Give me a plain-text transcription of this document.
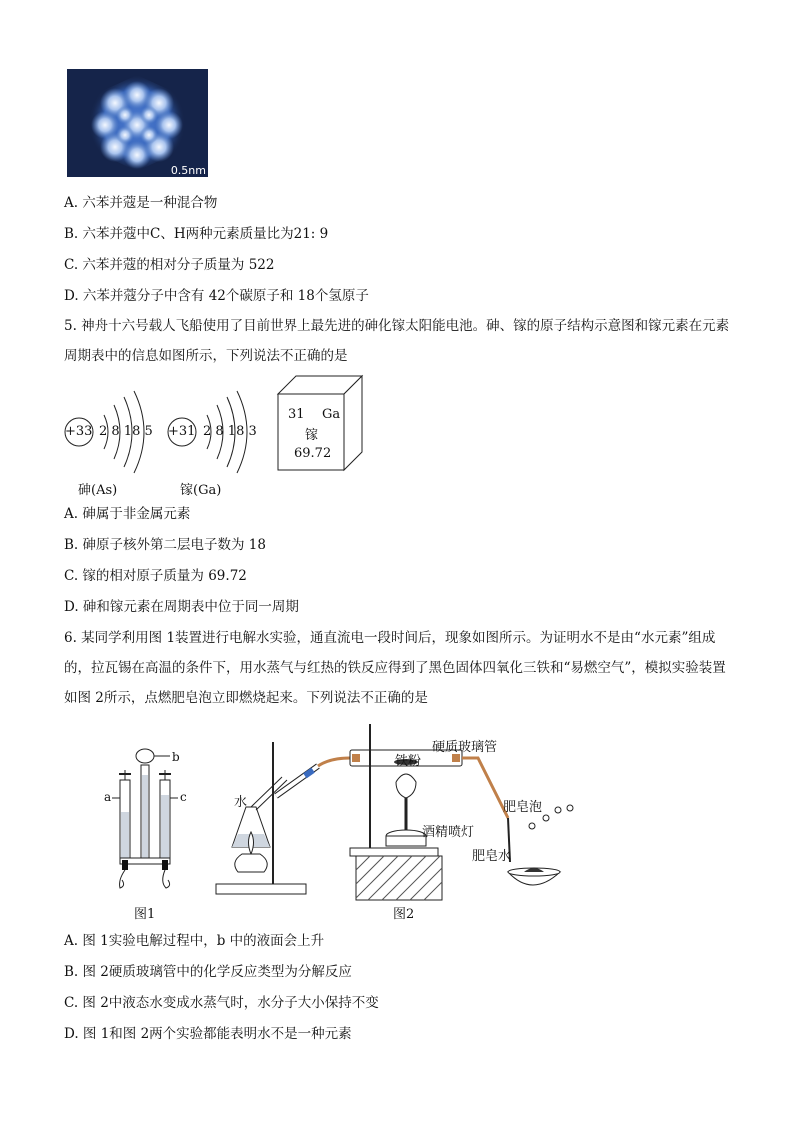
0.5nm
A. 六苯并蔻是一种混合物
B. 六苯并蔻中C、H两种元素质量比为21: 9
C. 六苯并蔻的相对分子质量为 522
D. 六苯并蔻分子中含有 42个碳原子和 18个氢原子
5. 神舟十六号载人飞船使用了目前世界上最先进的砷化镓太阳能电池。砷、镓的原子结构示意图和镓元素在元素周期表中的信息如图所示，下列说法不正确的是
+33 2 8 18 5
砷(As)
+31 2 8 18 3
镓(Ga)
31 Ga
镓
69.72
A. 砷属于非金属元素
B. 砷原子核外第二层电子数为 18
C. 镓的相对原子质量为 69.72
D. 砷和镓元素在周期表中位于同一周期
6. 某同学利用图 1装置进行电解水实验，通直流电一段时间后，现象如图所示。为证明水不是由“水元素”组成的，拉瓦锡在高温的条件下，用水蒸气与红热的铁反应得到了黑色固体四氧化三铁和“易燃空气”，模拟实验装置如图 2所示，点燃肥皂泡立即燃烧起来。下列说法不正确的是
a
b
c
图1
水
铁粉
硬质玻璃管
酒精喷灯
肥皂泡
肥皂水
图2
A. 图 1实验电解过程中，b 中的液面会上升
B. 图 2硬质玻璃管中的化学反应类型为分解反应
C. 图 2中液态水变成水蒸气时，水分子大小保持不变
D. 图 1和图 2两个实验都能表明水不是一种元素
